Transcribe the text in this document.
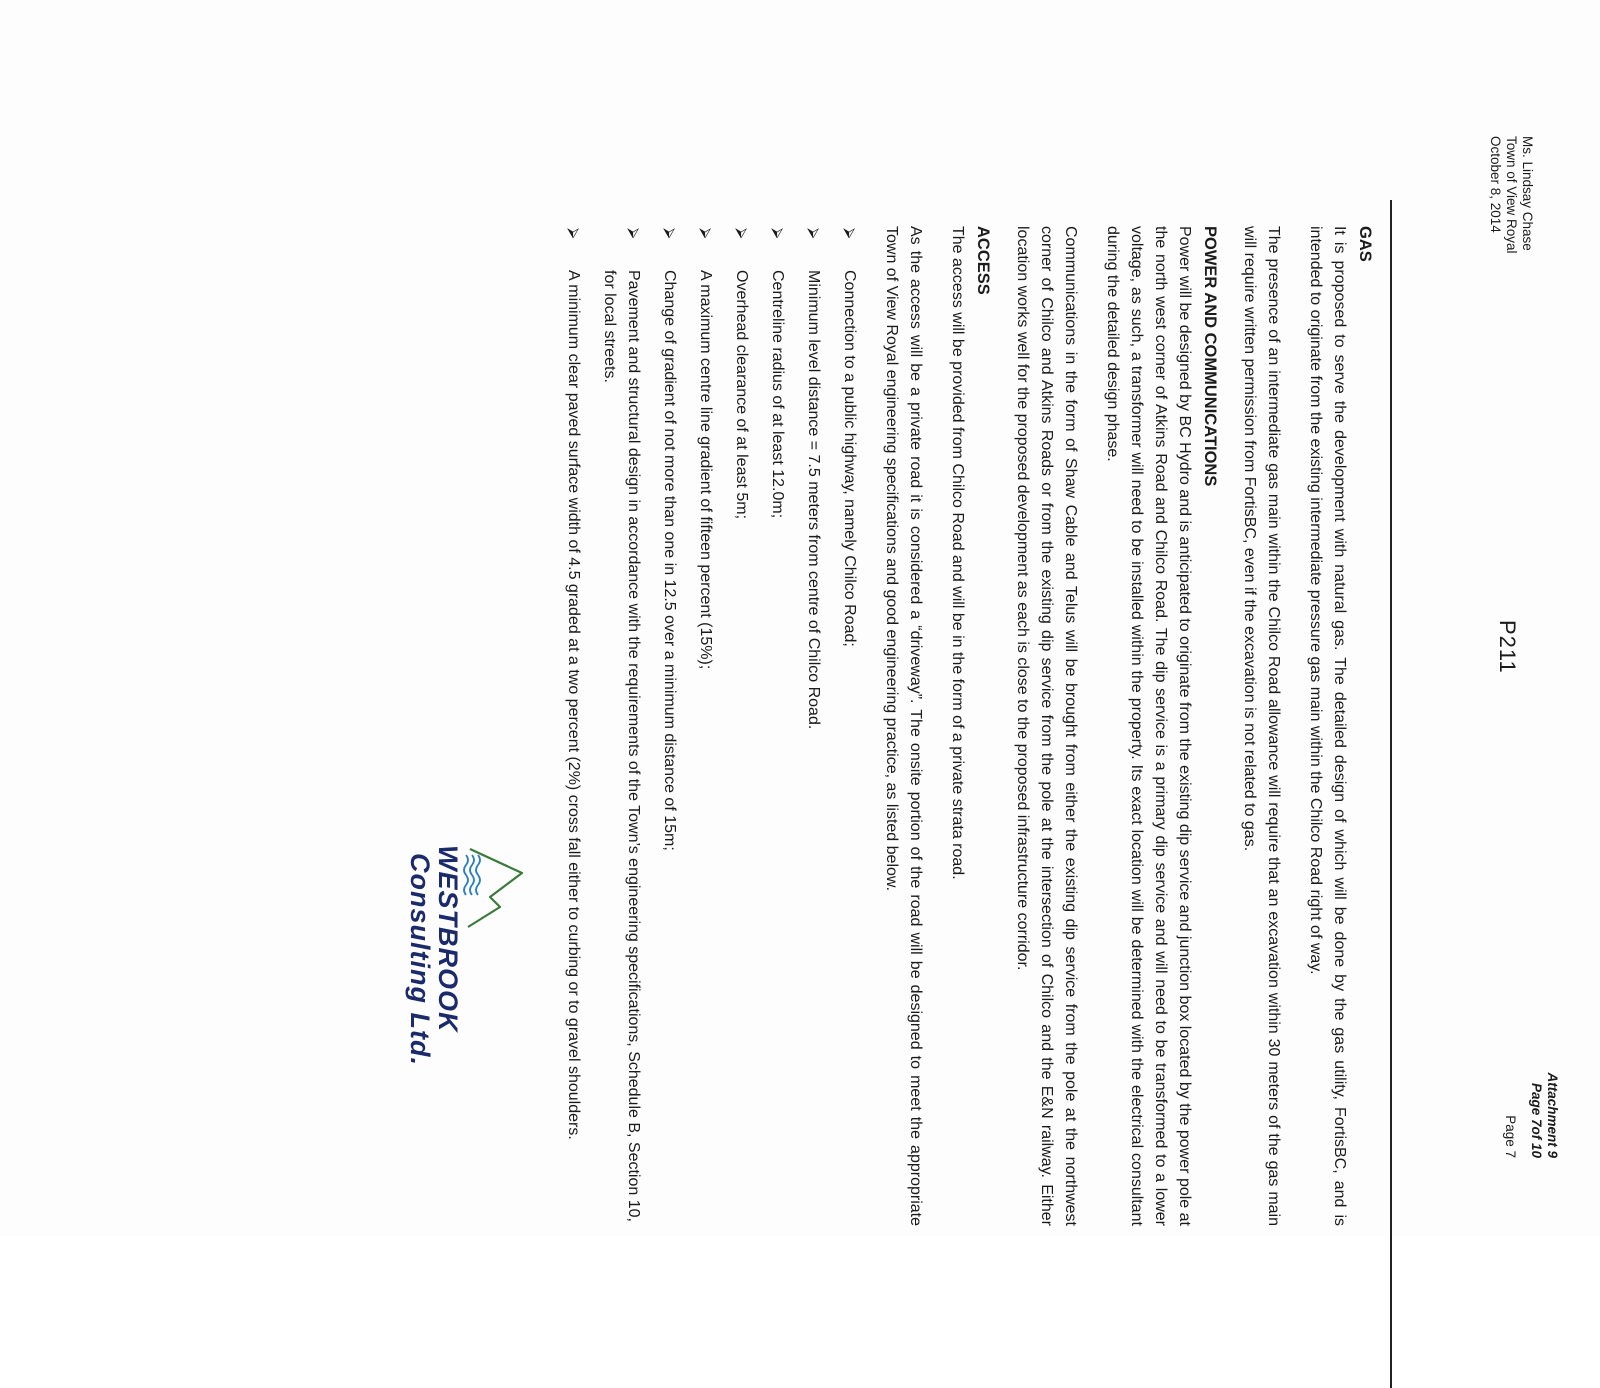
Ms. Lindsay Chase
Town of View Royal
October 8, 2014
Attachment 9
Page 7of 10
Page 7
P211
GAS

It is proposed to serve the development with natural gas. The detailed design of which will be done by the gas utility, FortisBC, and is intended to originate from the existing intermediate pressure gas main within the Chilco Road right of way.

The presence of an intermediate gas main within the Chilco Road allowance will require that an excavation within 30 meters of the gas main will require written permission from FortisBC, even if the excavation is not related to gas.

POWER AND COMMUNICATIONS

Power will be designed by BC Hydro and is anticipated to originate from the existing dip service and junction box located by the power pole at the north west corner of Atkins Road and Chilco Road. The dip service is a primary dip service and will need to be transformed to a lower voltage, as such, a transformer will need to be installed within the property. Its exact location will be determined with the electrical consultant during the detailed design phase.

Communications in the form of Shaw Cable and Telus will be brought from either the existing dip service from the pole at the northwest corner of Chilco and Atkins Roads or from the existing dip service from the pole at the intersection of Chilco and the E&N railway. Either location works well for the proposed development as each is close to the proposed infrastructure corridor.

ACCESS

The access will be provided from Chilco Road and will be in the form of a private strata road.

As the access will be a private road it is considered a “driveway”. The onsite portion of the road will be designed to meet the appropriate Town of View Royal engineering specifications and good engineering practice, as listed below.

⮚
Connection to a public highway, namely Chilco Road;
⮚
Minimum level distance = 7.5 meters from centre of Chilco Road.
⮚
Centreline radius of at least 12.0m;
⮚
Overhead clearance of at least 5m;
⮚
A maximum centre line gradient of fifteen percent (15%);
⮚
Change of gradient of not more than one in 12.5 over a minimum distance of 15m;
⮚
Pavement and structural design in accordance with the requirements of the Town’s engineering specifications, Schedule B, Section 10, for local streets.
⮚
A minimum clear paved surface width of 4.5 graded at a two percent (2%) cross fall either to curbing or to gravel shoulders.
WESTBROOK
Consulting Ltd.
